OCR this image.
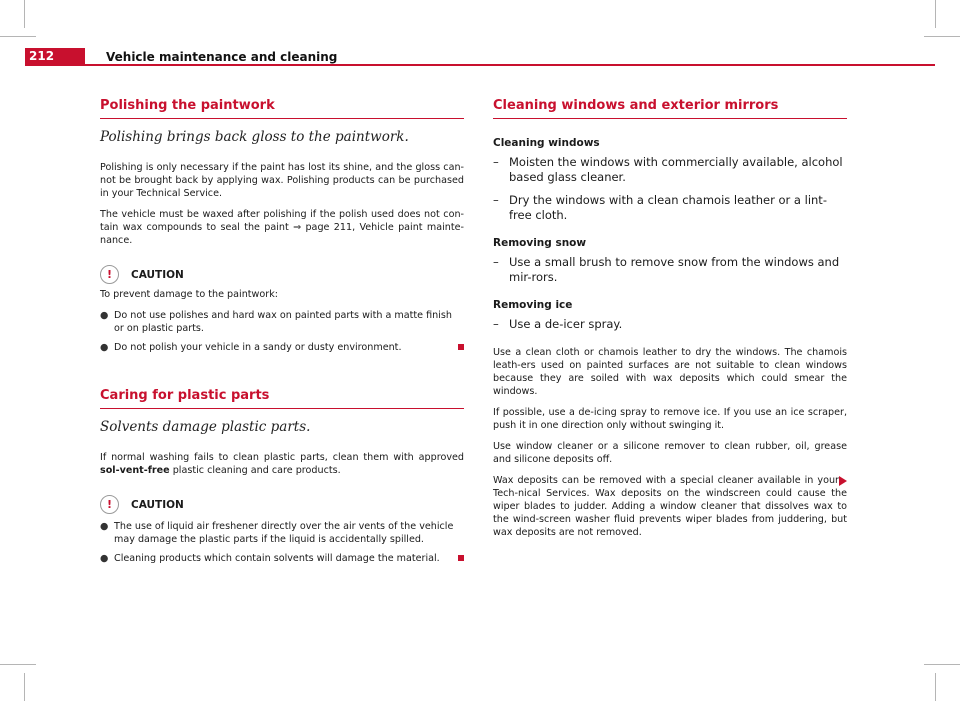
212	Vehicle maintenance and cleaning
Polishing the paintwork
Polishing brings back gloss to the paintwork.

Polishing is only necessary if the paint has lost its shine, and the gloss can-not be brought back by applying wax. Polishing products can be purchased in your Technical Service.

The vehicle must be waxed after polishing if the polish used does not con-tain wax compounds to seal the paint ⇒ page 211, Vehicle paint mainte-nance.

!	CAUTION

To prevent damage to the paintwork:

● Do not use polishes and hard wax on painted parts with a matte finish or on plastic parts.
● Do not polish your vehicle in a sandy or dusty environment.
Caring for plastic parts
Solvents damage plastic parts.

If normal washing fails to clean plastic parts, clean them with approved sol-vent-free plastic cleaning and care products.

!	CAUTION
● The use of liquid air freshener directly over the air vents of the vehicle may damage the plastic parts if the liquid is accidentally spilled.
● Cleaning products which contain solvents will damage the material.
Cleaning windows and exterior mirrors
Cleaning windows
– Moisten the windows with commercially available, alcohol based glass cleaner.
– Dry the windows with a clean chamois leather or a lint-free cloth.
Removing snow
– Use a small brush to remove snow from the windows and mir-rors.
Removing ice
– Use a de-icer spray.

Use a clean cloth or chamois leather to dry the windows. The chamois leath-ers used on painted surfaces are not suitable to clean windows because they are soiled with wax deposits which could smear the windows.

If possible, use a de-icing spray to remove ice. If you use an ice scraper, push it in one direction only without swinging it.

Use window cleaner or a silicone remover to clean rubber, oil, grease and silicone deposits off.

Wax deposits can be removed with a special cleaner available in your Tech-nical Services. Wax deposits on the windscreen could cause the wiper blades to judder. Adding a window cleaner that dissolves wax to the wind-screen washer fluid prevents wiper blades from juddering, but wax deposits are not removed.
